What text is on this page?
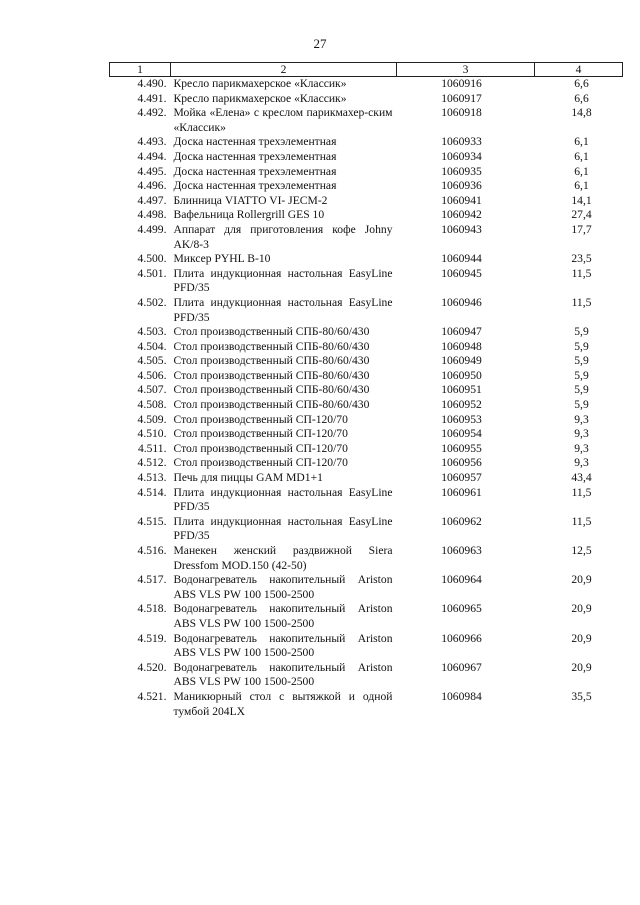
27
1	2	3	4
4.490.	Кресло парикмахерское «Классик»	1060916	6,6
4.491.	Кресло парикмахерское «Классик»	1060917	6,6
4.492.	Мойка «Елена» с креслом парикмахер-ским «Классик»	1060918	14,8
4.493.	Доска настенная трехэлементная	1060933	6,1
4.494.	Доска настенная трехэлементная	1060934	6,1
4.495.	Доска настенная трехэлементная	1060935	6,1
4.496.	Доска настенная трехэлементная	1060936	6,1
4.497.	Блинница VIATTO VI- JECM-2	1060941	14,1
4.498.	Вафельница Rollergrill GES 10	1060942	27,4
4.499.	Аппарат для приготовления кофе Johny AK/8-3	1060943	17,7
4.500.	Миксер PYHL B-10	1060944	23,5
4.501.	Плита индукционная настольная EasyLine PFD/35	1060945	11,5
4.502.	Плита индукционная настольная EasyLine PFD/35	1060946	11,5
4.503.	Стол производственный СПБ-80/60/430	1060947	5,9
4.504.	Стол производственный СПБ-80/60/430	1060948	5,9
4.505.	Стол производственный СПБ-80/60/430	1060949	5,9
4.506.	Стол производственный СПБ-80/60/430	1060950	5,9
4.507.	Стол производственный СПБ-80/60/430	1060951	5,9
4.508.	Стол производственный СПБ-80/60/430	1060952	5,9
4.509.	Стол производственный СП-120/70	1060953	9,3
4.510.	Стол производственный СП-120/70	1060954	9,3
4.511.	Стол производственный СП-120/70	1060955	9,3
4.512.	Стол производственный СП-120/70	1060956	9,3
4.513.	Печь для пиццы GAM MD1+1	1060957	43,4
4.514.	Плита индукционная настольная EasyLine PFD/35	1060961	11,5
4.515.	Плита индукционная настольная EasyLine PFD/35	1060962	11,5
4.516.	Манекен женский раздвижной Siera Dressfom MOD.150 (42-50)	1060963	12,5
4.517.	Водонагреватель накопительный Ariston ABS VLS PW 100 1500-2500	1060964	20,9
4.518.	Водонагреватель накопительный Ariston ABS VLS PW 100 1500-2500	1060965	20,9
4.519.	Водонагреватель накопительный Ariston ABS VLS PW 100 1500-2500	1060966	20,9
4.520.	Водонагреватель накопительный Ariston ABS VLS PW 100 1500-2500	1060967	20,9
4.521.	Маникюрный стол с вытяжкой и одной тумбой 204LX	1060984	35,5
